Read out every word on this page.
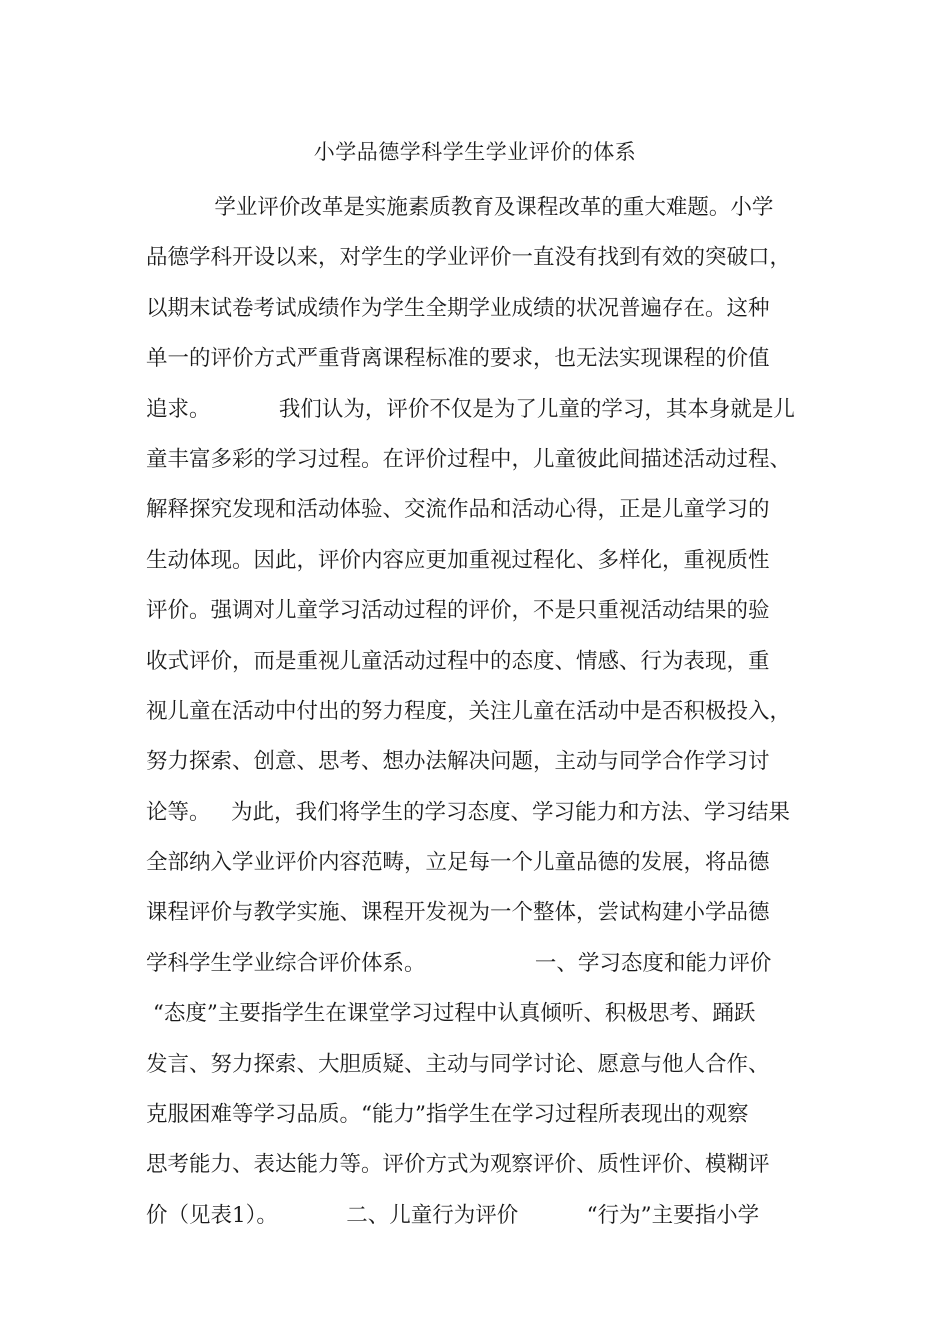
小学品德学科学生学业评价的体系
学业评价改革是实施素质教育及课程改革的重大难题。小学
品德学科开设以来，对学生的学业评价一直没有找到有效的突破口，
以期末试卷考试成绩作为学生全期学业成绩的状况普遍存在。这种
单一的评价方式严重背离课程标准的要求，也无法实现课程的价值
追求。          我们认为，评价不仅是为了儿童的学习，其本身就是儿
童丰富多彩的学习过程。在评价过程中，儿童彼此间描述活动过程、
解释探究发现和活动体验、交流作品和活动心得，正是儿童学习的
生动体现。因此，评价内容应更加重视过程化、多样化，重视质性
评价。强调对儿童学习活动过程的评价，不是只重视活动结果的验
收式评价，而是重视儿童活动过程中的态度、情感、行为表现，重
视儿童在活动中付出的努力程度，关注儿童在活动中是否积极投入，
努力探索、创意、思考、想办法解决问题，主动与同学合作学习讨
论等。   为此，我们将学生的学习态度、学习能力和方法、学习结果
全部纳入学业评价内容范畴，立足每一个儿童品德的发展，将品德
课程评价与教学实施、课程开发视为一个整体，尝试构建小学品德
学科学生学业综合评价体系。                一、学习态度和能力评价
“态度”主要指学生在课堂学习过程中认真倾听、积极思考、踊跃
发言、努力探索、大胆质疑、主动与同学讨论、愿意与他人合作、
克服困难等学习品质。“能力”指学生在学习过程所表现出的观察
思考能力、表达能力等。评价方式为观察评价、质性评价、模糊评
价（见表1）。          二、儿童行为评价          “行为”主要指小学
